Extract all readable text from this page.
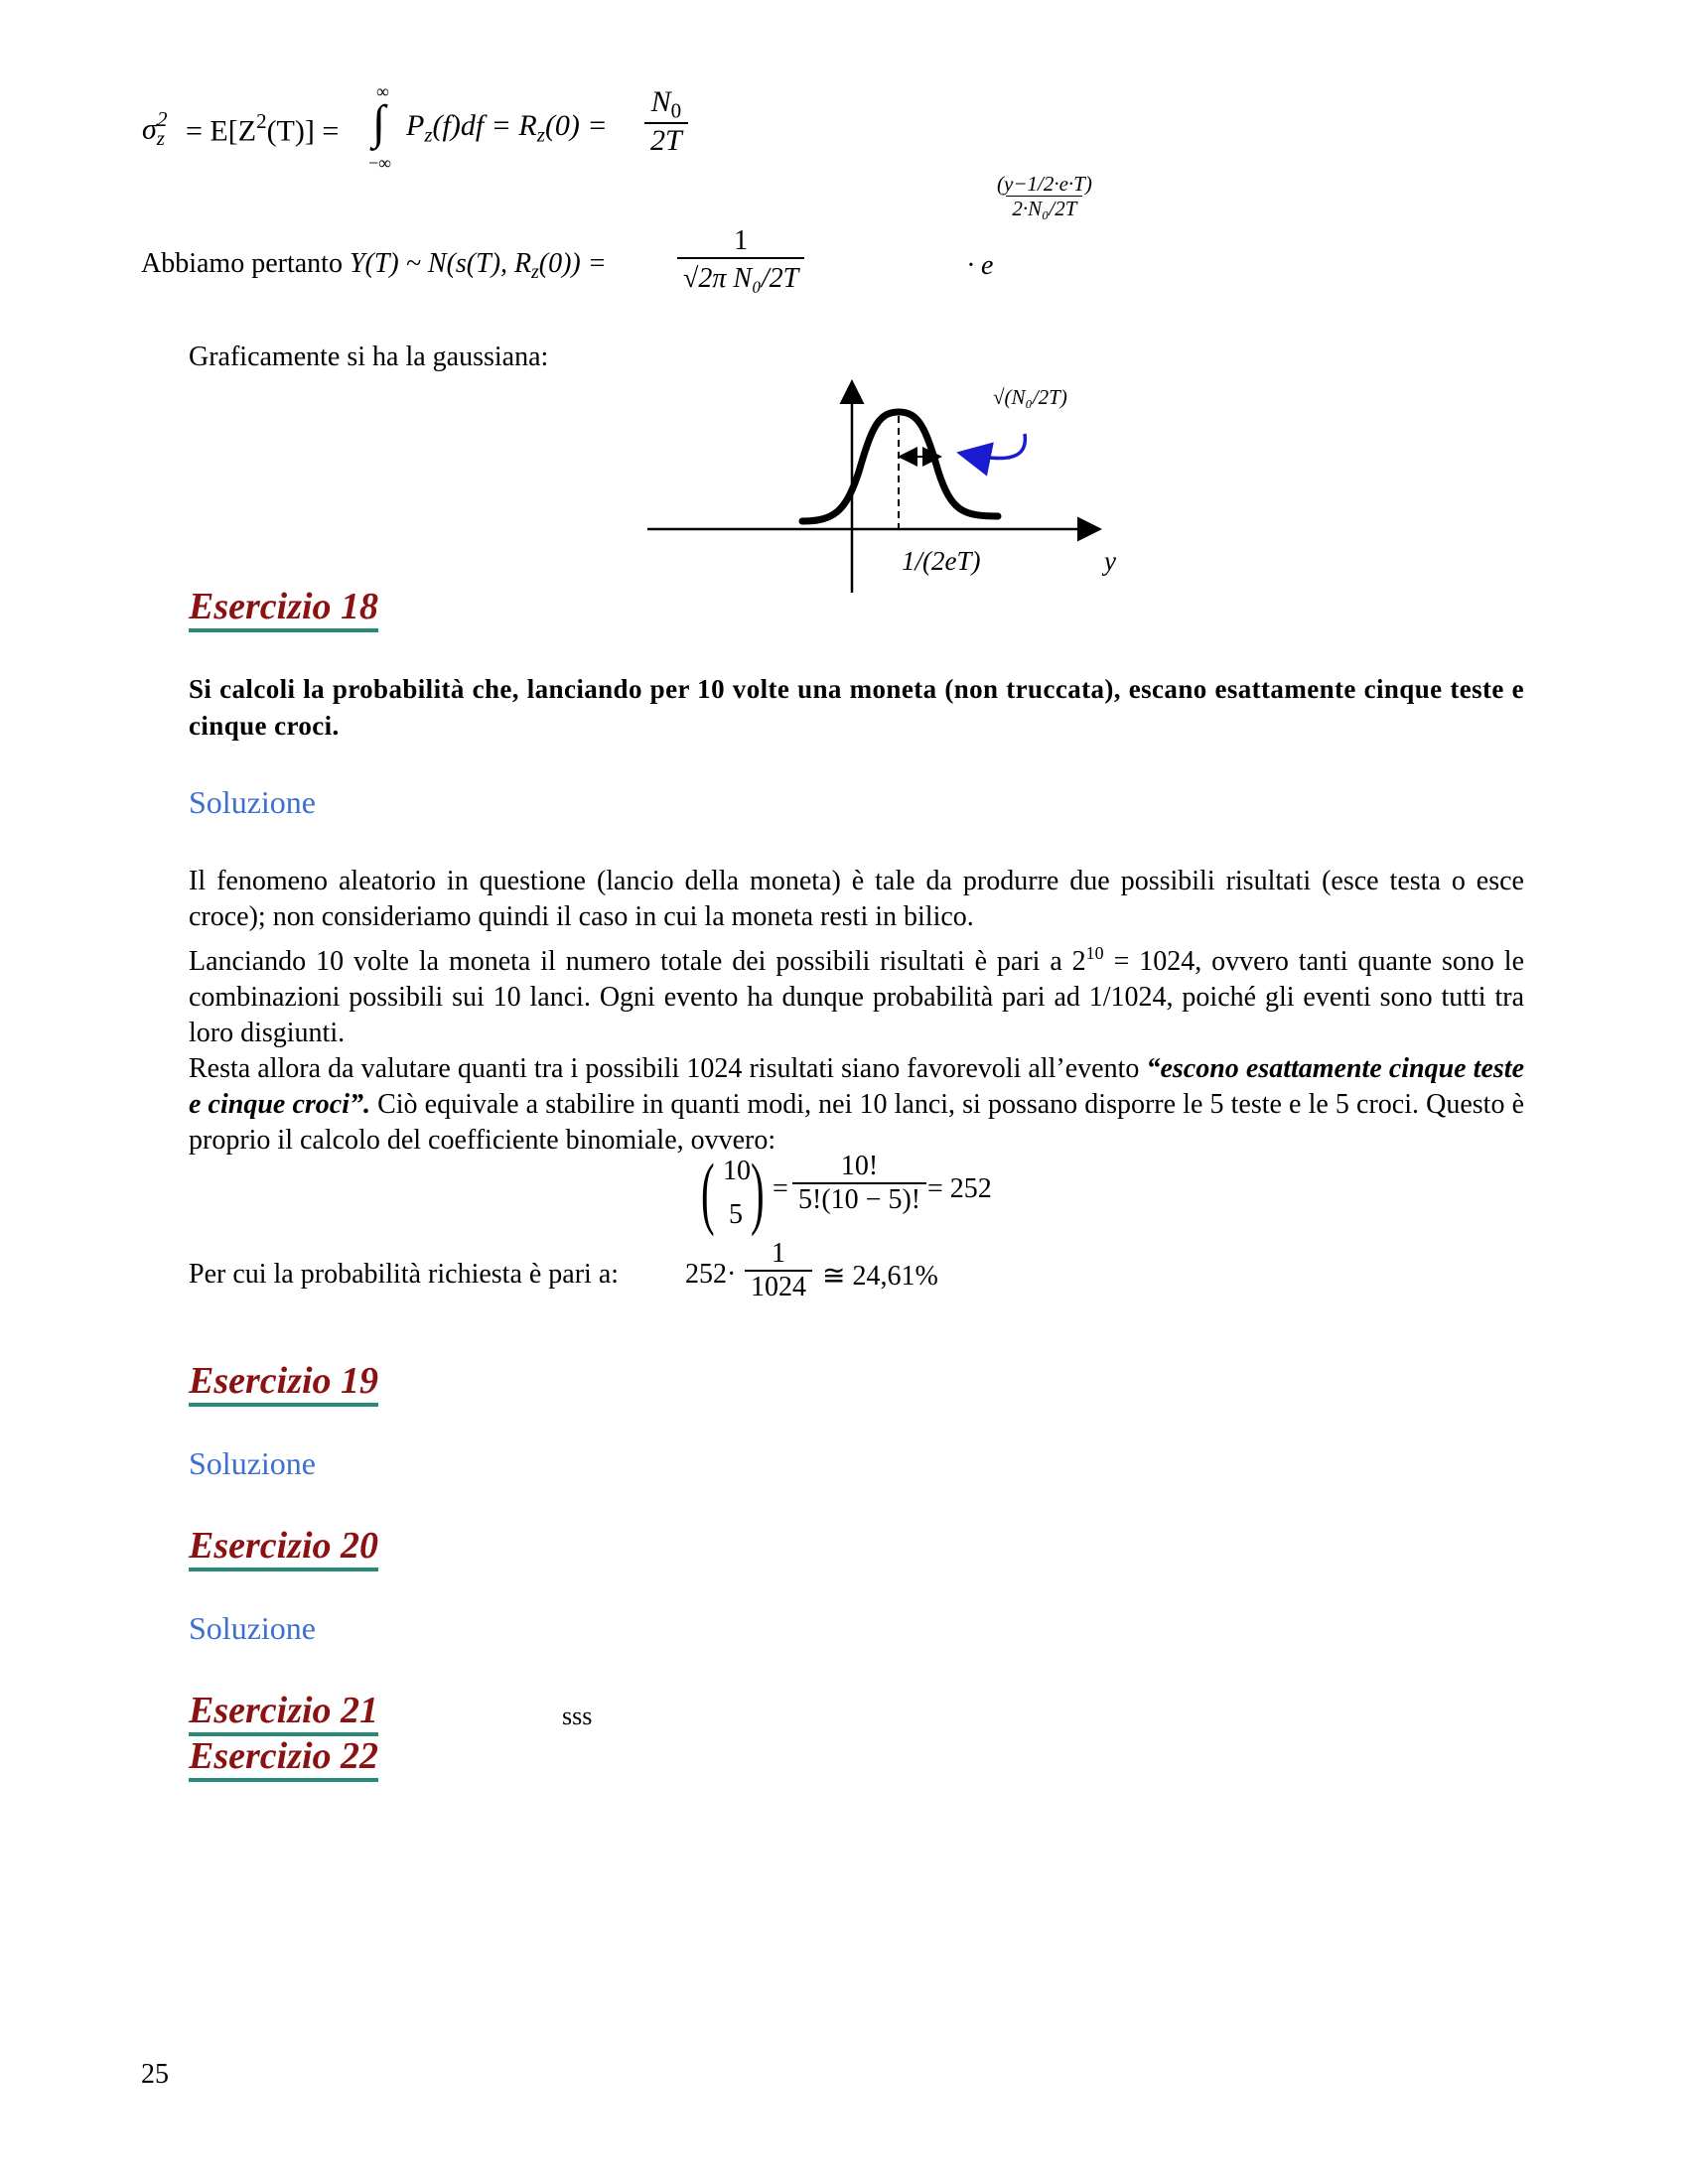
$\sigma_z^2 = E[Z^2(T)]$ = ∫
∞
−∞
$P_z(f)df = R_z(0) = \frac{N_0}{2T}$
Abbiamo pertanto Y(T) ~ N(s(T), $R_z(0)$) =	$\frac{1}{\text{√2π N₀/2T}}$	· e
$\frac{(y-1/2\cdot e\cdot T)}{\text{2·N₀/2T}}$
Graficamente si ha la gaussiana:
√(N₀/2T)
1/(2eT)	y
Esercizio 18
Si calcoli la probabilità che, lanciando per 10 volte una moneta (non truccata), escano esattamente cinque teste e cinque croci.
Soluzione
Il fenomeno aleatorio in questione (lancio della moneta) è tale da produrre due possibili risultati (esce testa o esce croce); non consideriamo quindi il caso in cui la moneta resti in bilico.
Lanciando 10 volte la moneta il numero totale dei possibili risultati è pari a $2^{10} = 1024$, ovvero tanti quante sono le combinazioni possibili sui 10 lanci. Ogni evento ha dunque probabilità pari ad 1/1024, poiché gli eventi sono tutti tra loro disgiunti.
Resta allora da valutare quanti tra i possibili 1024 risultati siano favorevoli all’evento “escono esattamente cinque teste e cinque croci”. Ciò equivale a stabilire in quanti modi, nei 10 lanci, si possano disporre le 5 teste e le 5 croci. Questo è proprio il calcolo del coefficiente binomiale, ovvero:
( 10
5 ) = $\frac{10!}{5!(10 - 5)!} = 252$
Per cui la probabilità richiesta è pari a: $252\cdot \frac{1}{1024}$ ≅ 24,61%
Esercizio 19
Soluzione
Esercizio 20
Soluzione
Esercizio 21	sss
Esercizio 22
25
